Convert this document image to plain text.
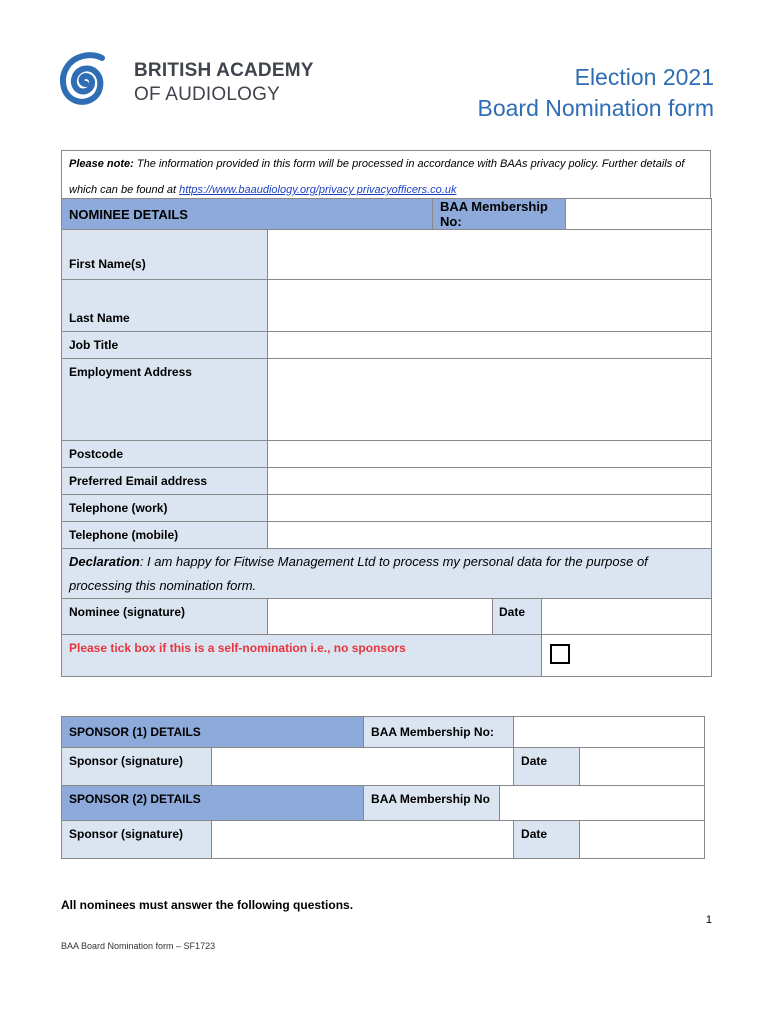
BRITISH ACADEMY
OF AUDIOLOGY
Election 2021
Board Nomination form
Please note: The information provided in this form will be processed in accordance with BAAs privacy policy. Further details of which can be found at https://www.baaudiology.org/privacy privacyofficers.co.uk
NOMINEE DETAILS		BAA Membership No:			
First Name(s)					
Last Name					
Job Title					
Employment Address					
Postcode					
Preferred Email address					
Telephone (work)					
Telephone (mobile)					
Declaration: I am happy for Fitwise Management Ltd to process my personal data for the purpose of processing this nomination form.					
Nominee (signature)			Date		
Please tick box if this is a self-nomination i.e., no sponsors					
SPONSOR (1) DETAILS		BAA Membership No:			
Sponsor (signature)				Date	
SPONSOR (2) DETAILS		BAA Membership No			
Sponsor (signature)				Date	
All nominees must answer the following questions.
1
BAA Board Nomination form – SF1723
